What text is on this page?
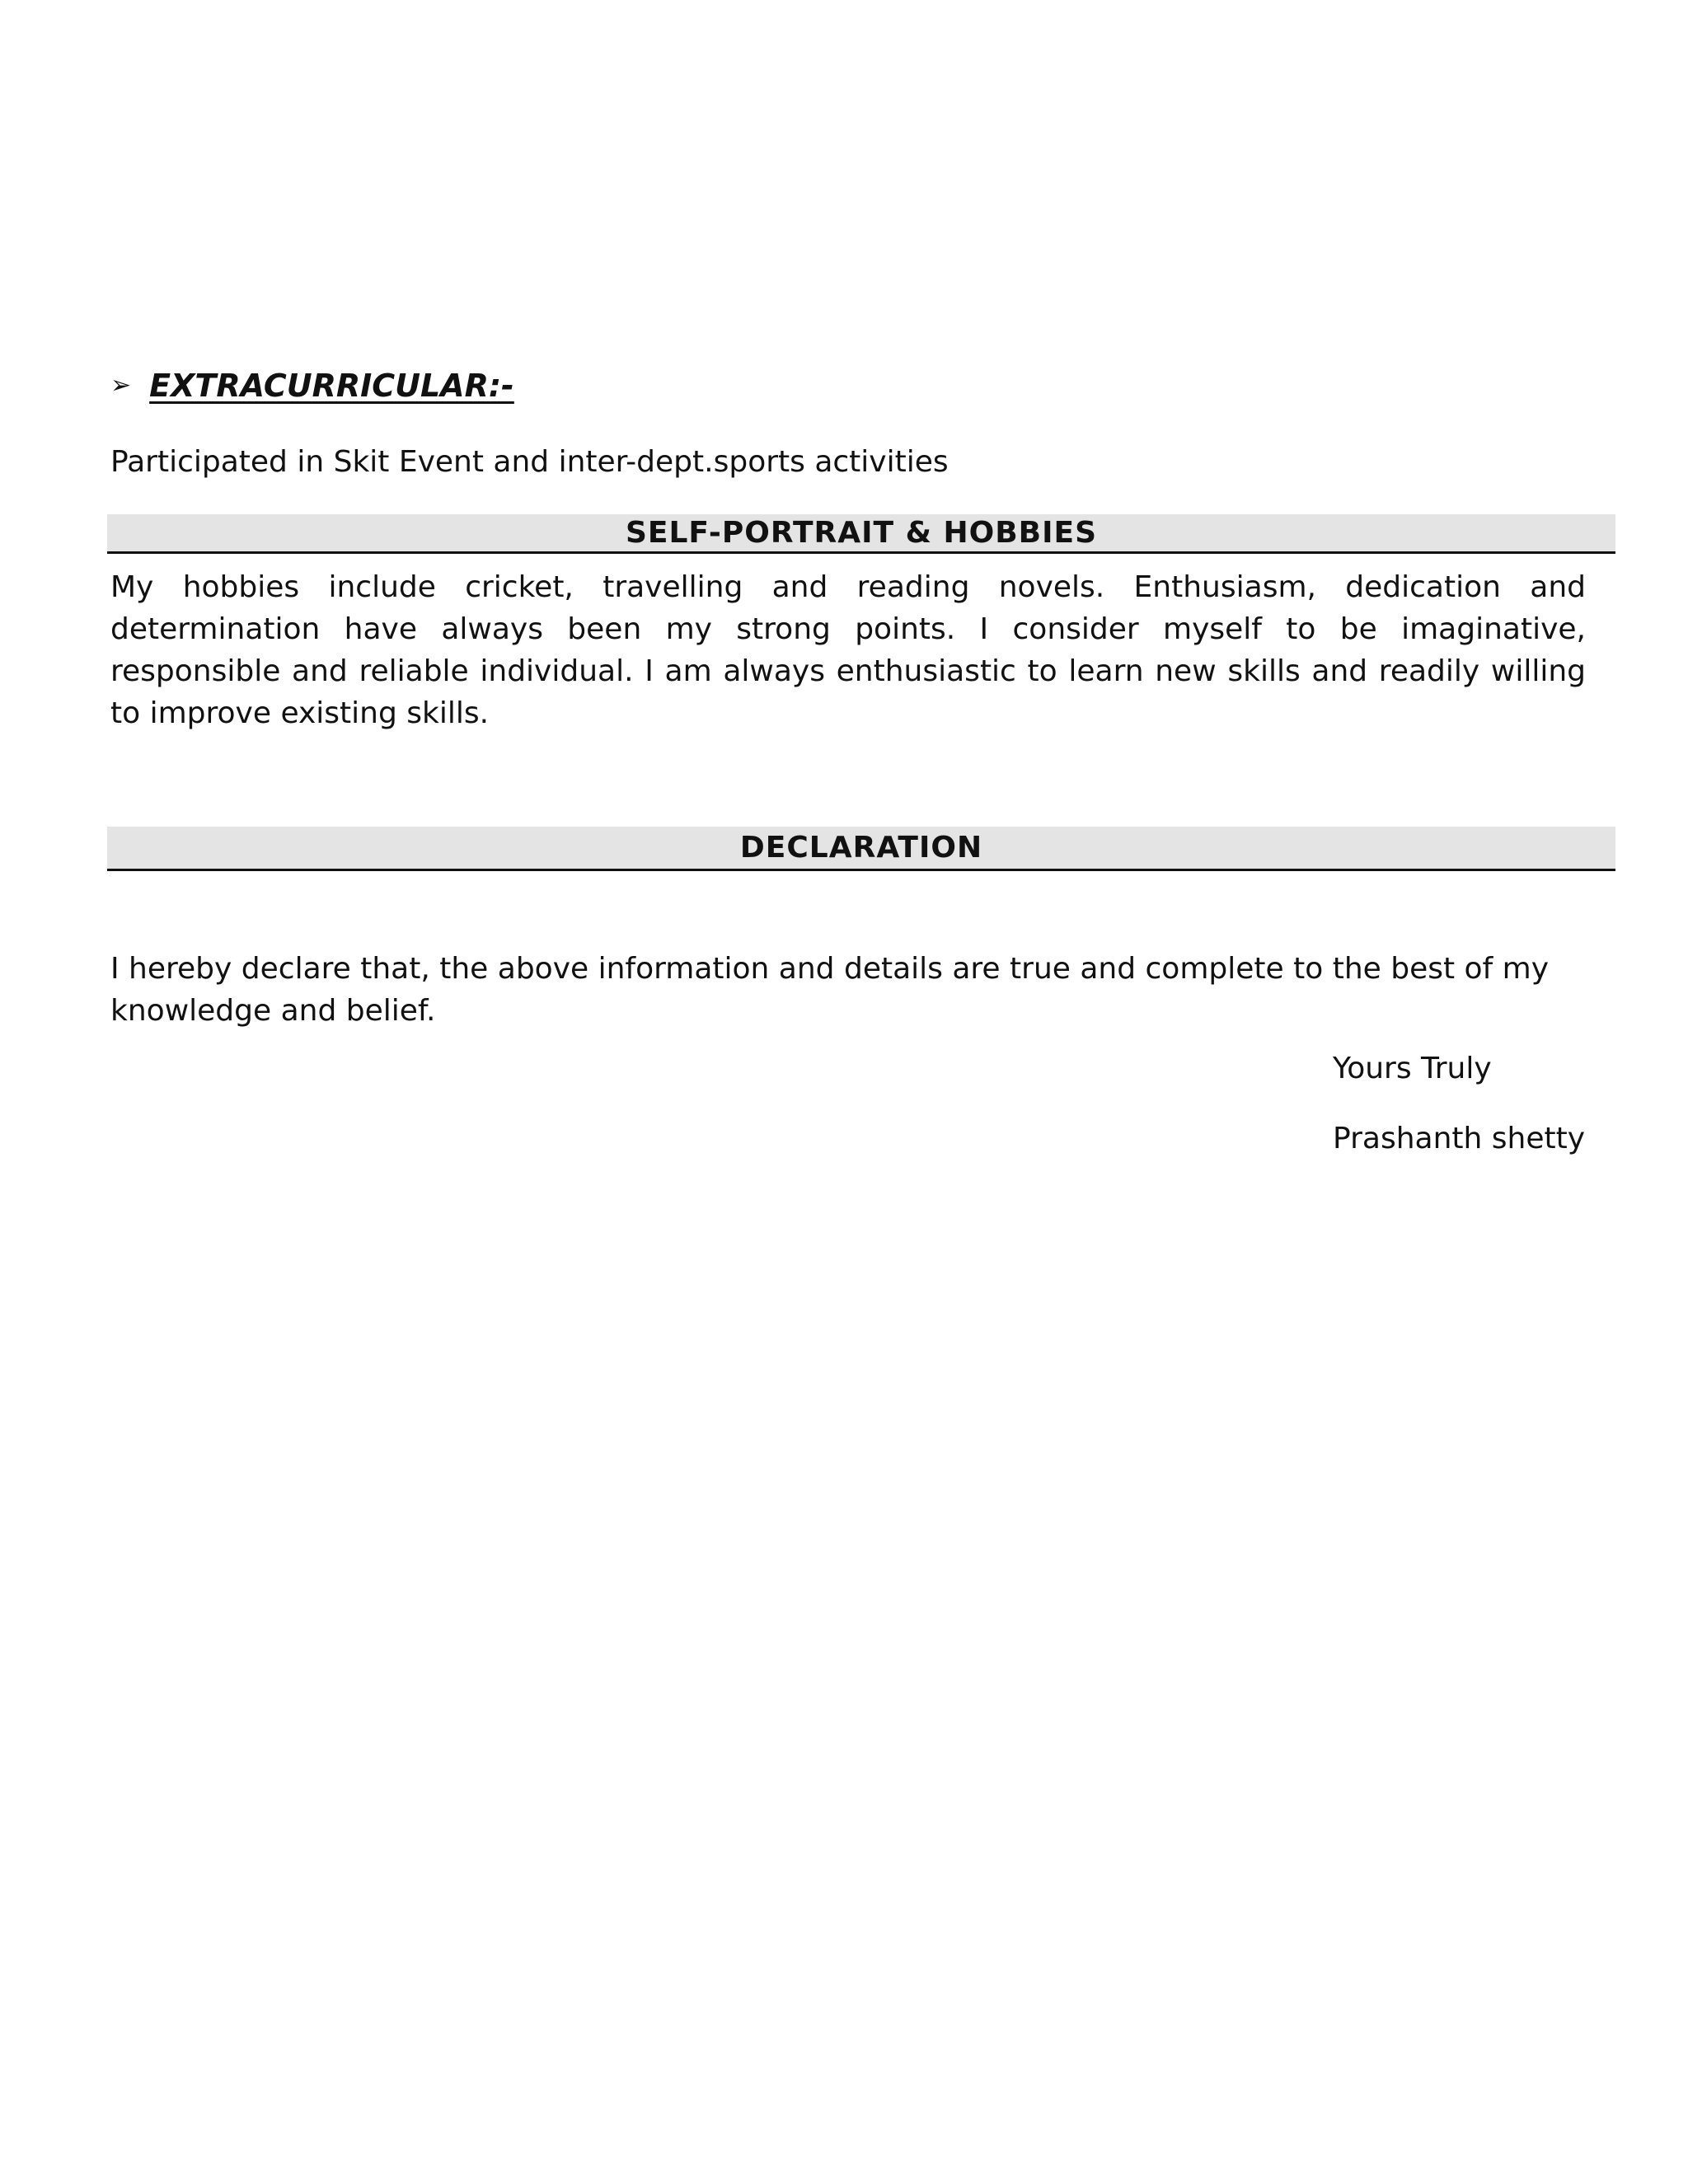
➢ EXTRACURRICULAR:-
Participated in Skit Event and inter-dept.sports activities
SELF-PORTRAIT & HOBBIES
My hobbies include cricket, travelling and reading novels. Enthusiasm, dedication and determination have always been my strong points. I consider myself to be imaginative, responsible and reliable individual. I am always enthusiastic to learn new skills and readily willing to improve existing skills.
DECLARATION
I hereby declare that, the above information and details are true and complete to the best of my knowledge and belief.
Yours Truly
Prashanth shetty
